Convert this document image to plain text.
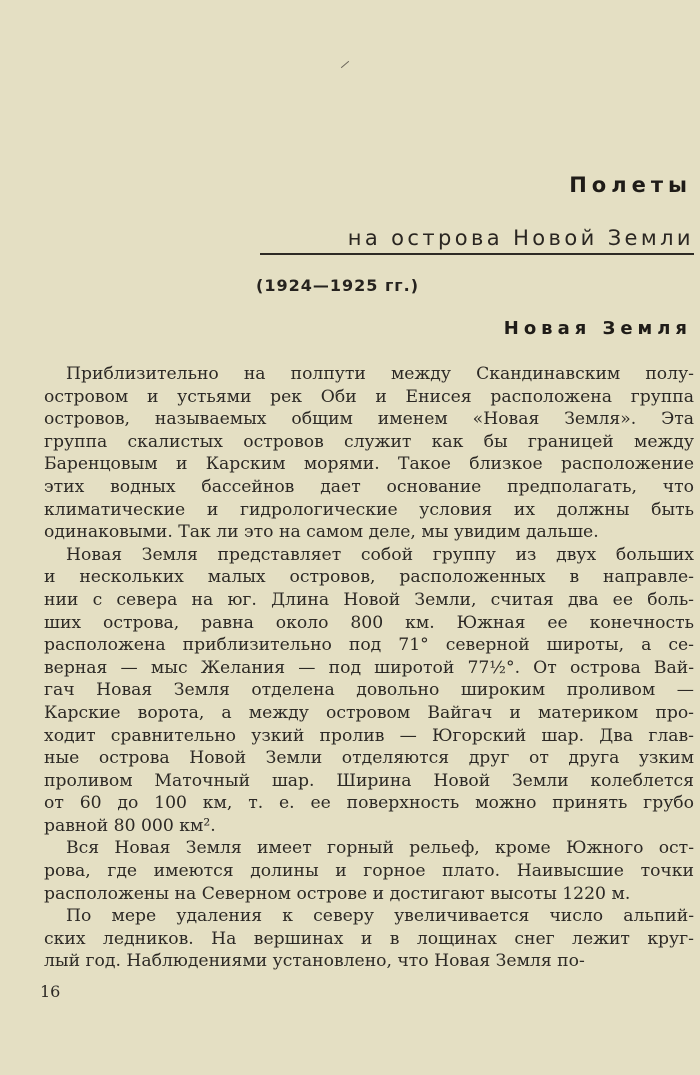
Полеты
на острова Новой Земли
(1924—1925 гг.)
Новая Земля
Приблизительно на полпути между Скандинавским полу-
островом и устьями рек Оби и Енисея расположена группа
островов, называемых общим именем «Новая Земля». Эта
группа скалистых островов служит как бы границей между
Баренцовым и Карским морями. Такое близкое расположение
этих водных бассейнов дает основание предполагать, что
климатические и гидрологические условия их должны быть
одинаковыми. Так ли это на самом деле, мы увидим дальше.
Новая Земля представляет собой группу из двух больших
и нескольких малых островов, расположенных в направле-
нии с севера на юг. Длина Новой Земли, считая два ее боль-
ших острова, равна около 800 км. Южная ее конечность
расположена приблизительно под 71° северной широты, а се-
верная — мыс Желания — под широтой 77½°. От острова Вай-
гач Новая Земля отделена довольно широким проливом —
Карские ворота, а между островом Вайгач и материком про-
ходит сравнительно узкий пролив — Югорский шар. Два глав-
ные острова Новой Земли отделяются друг от друга узким
проливом Маточный шар. Ширина Новой Земли колеблется
от 60 до 100 км, т. е. ее поверхность можно принять грубо
равной 80 000 км².
Вся Новая Земля имеет горный рельеф, кроме Южного ост-
рова, где имеются долины и горное плато. Наивысшие точки
расположены на Северном острове и достигают высоты 1220 м.
По мере удаления к северу увеличивается число альпий-
ских ледников. На вершинах и в лощинах снег лежит круг-
лый год. Наблюдениями установлено, что Новая Земля по-
16
